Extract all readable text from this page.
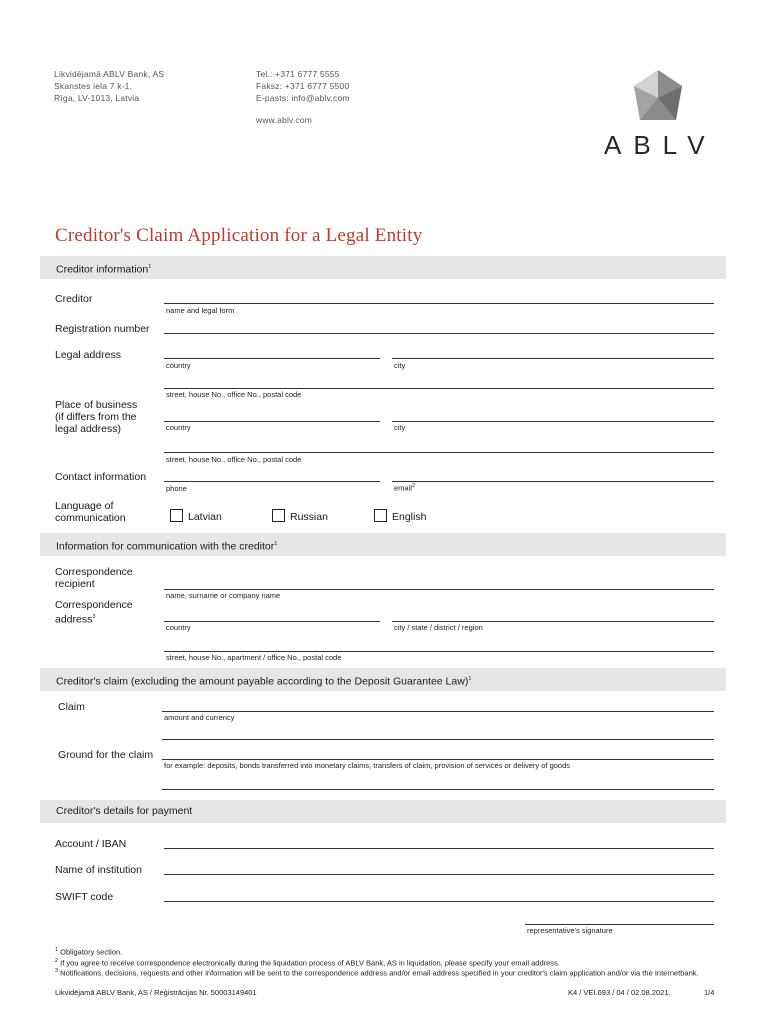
Likvidējamā ABLV Bank, AS
Skanstes iela 7 k-1,
Rīga, LV-1013, Latvia
Tel.: +371 6777 5555
Faksz: +371 6777 5500
E-pasts: info@ablv.com
www.ablv.com
ABLV
Creditor's Claim Application for a Legal Entity
Creditor information$^1$
Creditor
name and legal form
Registration number
Legal address
country	city
street, house No., office No., postal code
Place of business
(if differs from the
legal address)	country	city
street, house No., office No., postal code
Contact information
phone	email$^2$
Language of
communication	Latvian	Russian	English
Information for communication with the creditor$^1$
Correspondence
recipient
name, surname or company name
Correspondence
address$^3$
country	city / state / district / region
street, house No., apartment / office No., postal code
Creditor's claim (excluding the amount payable according to the Deposit Guarantee Law)$^1$
Claim
amount and currency
Ground for the claim
for example: deposits, bonds transferred into monetary claims, transfers of claim, provision of services or delivery of goods
Creditor's details for payment
Account / IBAN
Name of institution
SWIFT code
representative's signature
$^1$ Obligatory section.
$^2$ If you agree to receive correspondence electronically during the liquidation process of ABLV Bank, AS in liquidation, please specify your email address.
$^3$ Notifications, decisions, requests and other information will be sent to the correspondence address and/or email address specified in your creditor's claim application and/or via the Internetbank.
Likvidējamā ABLV Bank, AS / Reģistrācijas Nr. 50003149401	K4 / VEI.693 / 04 / 02.08.2021.	1/4
